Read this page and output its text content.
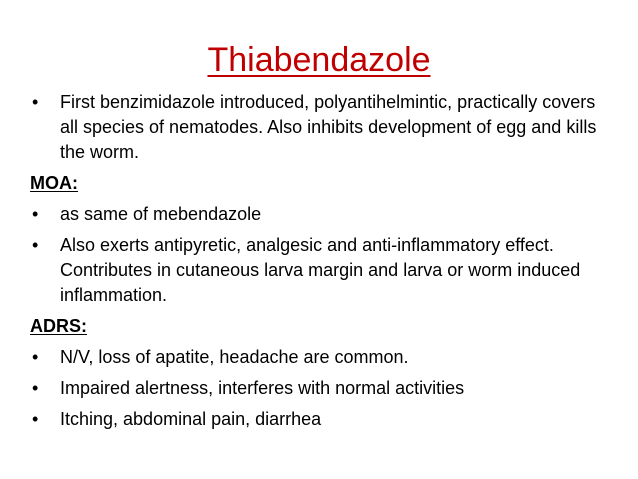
Thiabendazole
•	First benzimidazole introduced, polyantihelmintic, practically covers all species of nematodes. Also inhibits development of egg and kills the worm.
MOA:
•	as same of mebendazole
•	Also exerts antipyretic, analgesic and anti-inflammatory effect. Contributes in cutaneous larva margin and larva or worm induced inflammation.
ADRS:
•	N/V, loss of apatite, headache are common.
•	Impaired alertness, interferes with normal activities
•	Itching, abdominal pain, diarrhea
